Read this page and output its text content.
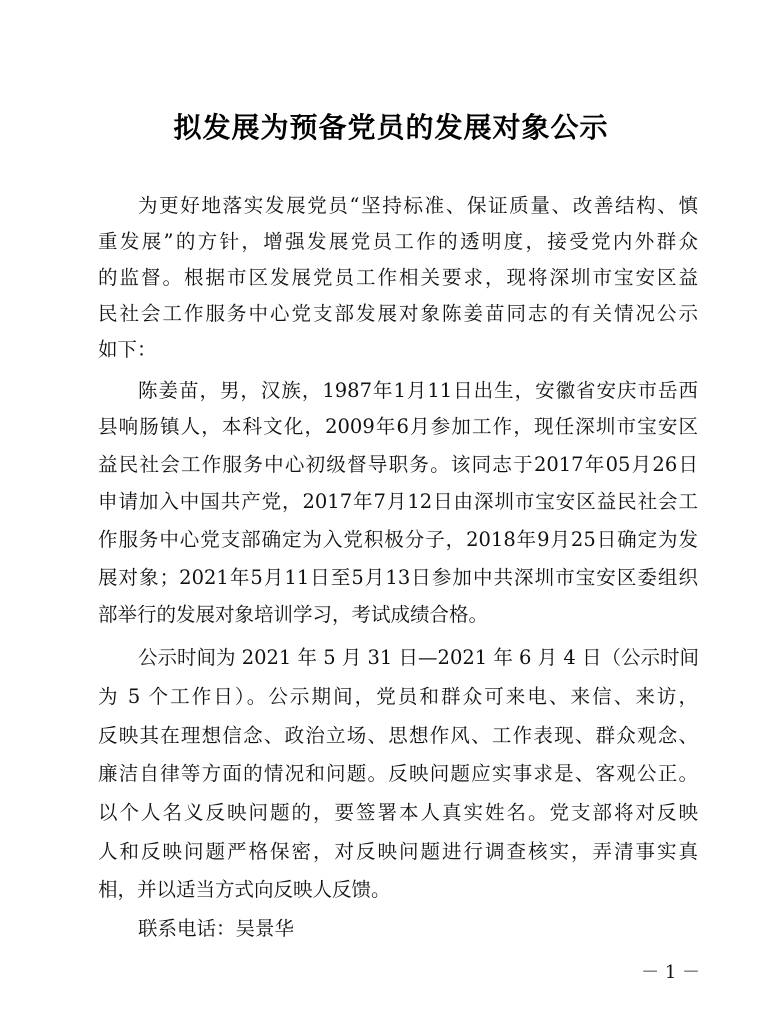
拟发展为预备党员的发展对象公示
为更好地落实发展党员“坚持标准、保证质量、改善结构、慎
重发展”的方针，增强发展党员工作的透明度，接受党内外群众
的监督。根据市区发展党员工作相关要求，现将深圳市宝安区益
民社会工作服务中心党支部发展对象陈姜苗同志的有关情况公示
如下：
陈姜苗，男，汉族，1987年1月11日出生，安徽省安庆市岳西
县响肠镇人，本科文化，2009年6月参加工作，现任深圳市宝安区
益民社会工作服务中心初级督导职务。该同志于2017年05月26日
申请加入中国共产党，2017年7月12日由深圳市宝安区益民社会工
作服务中心党支部确定为入党积极分子，2018年9月25日确定为发
展对象；2021年5月11日至5月13日参加中共深圳市宝安区委组织
部举行的发展对象培训学习，考试成绩合格。
公示时间为 2021 年 5 月 31 日—2021 年 6 月 4 日（公示时间
为 5 个工作日）。公示期间，党员和群众可来电、来信、来访，
反映其在理想信念、政治立场、思想作风、工作表现、群众观念、
廉洁自律等方面的情况和问题。反映问题应实事求是、客观公正。
以个人名义反映问题的，要签署本人真实姓名。党支部将对反映
人和反映问题严格保密，对反映问题进行调查核实，弄清事实真
相，并以适当方式向反映人反馈。
联系电话：吴景华
－ 1 －
